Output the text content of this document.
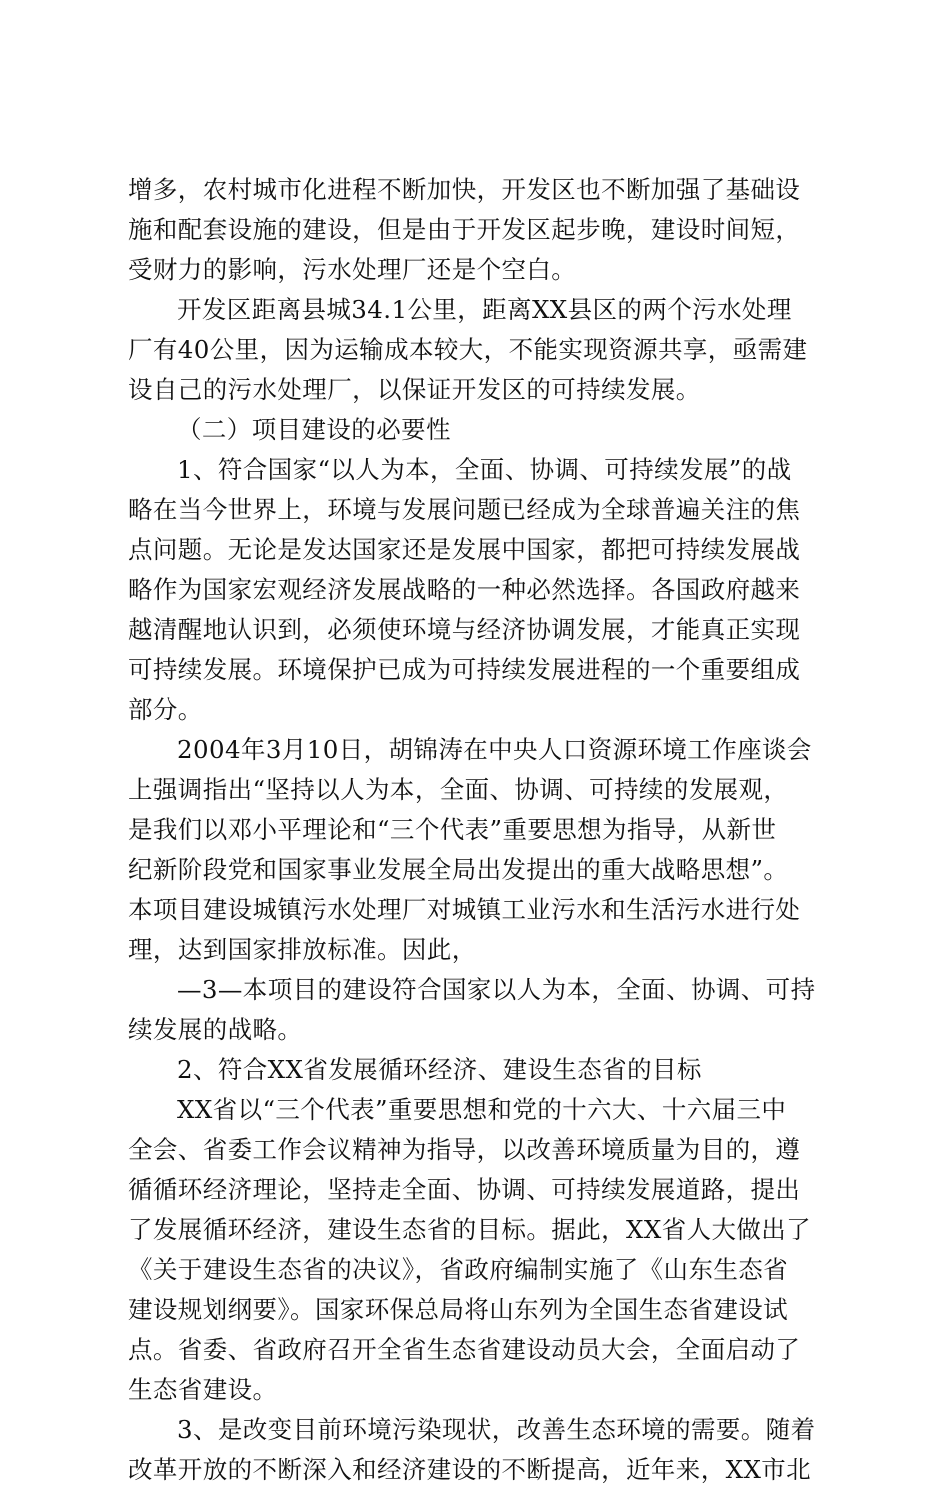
增多，农村城市化进程不断加快，开发区也不断加强了基础设
施和配套设施的建设，但是由于开发区起步晚，建设时间短，
受财力的影响，污水处理厂还是个空白。
开发区距离县城34.1公里，距离XX县区的两个污水处理
厂有40公里，因为运输成本较大，不能实现资源共享，亟需建
设自己的污水处理厂，以保证开发区的可持续发展。
（二）项目建设的必要性
1、符合国家“以人为本，全面、协调、可持续发展”的战
略在当今世界上，环境与发展问题已经成为全球普遍关注的焦
点问题。无论是发达国家还是发展中国家，都把可持续发展战
略作为国家宏观经济发展战略的一种必然选择。各国政府越来
越清醒地认识到，必须使环境与经济协调发展，才能真正实现
可持续发展。环境保护已成为可持续发展进程的一个重要组成
部分。
2004年3月10日，胡锦涛在中央人口资源环境工作座谈会
上强调指出“坚持以人为本，全面、协调、可持续的发展观，
是我们以邓小平理论和“三个代表”重要思想为指导，从新世
纪新阶段党和国家事业发展全局出发提出的重大战略思想”。
本项目建设城镇污水处理厂对城镇工业污水和生活污水进行处
理，达到国家排放标准。因此，
—3—本项目的建设符合国家以人为本，全面、协调、可持
续发展的战略。
2、符合XX省发展循环经济、建设生态省的目标
XX省以“三个代表”重要思想和党的十六大、十六届三中
全会、省委工作会议精神为指导，以改善环境质量为目的，遵
循循环经济理论，坚持走全面、协调、可持续发展道路，提出
了发展循环经济，建设生态省的目标。据此，XX省人大做出了
《关于建设生态省的决议》，省政府编制实施了《山东生态省
建设规划纲要》。国家环保总局将山东列为全国生态省建设试
点。省委、省政府召开全省生态省建设动员大会，全面启动了
生态省建设。
3、是改变目前环境污染现状，改善生态环境的需要。随着
改革开放的不断深入和经济建设的不断提高，近年来，XX市北
